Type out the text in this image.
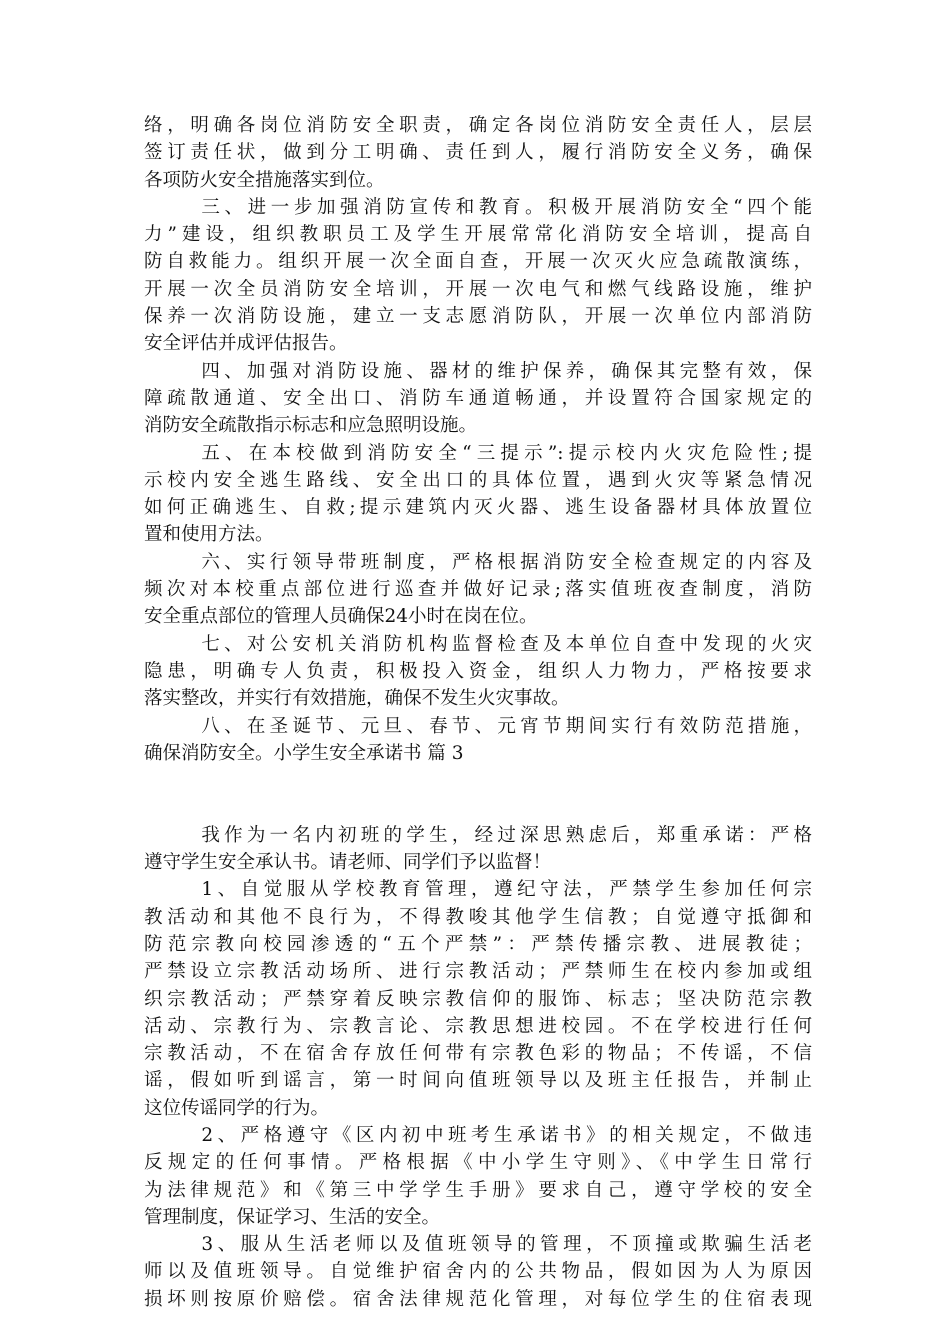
络，明确各岗位消防安全职责，确定各岗位消防安全责任人，层层
签订责任状，做到分工明确、责任到人，履行消防安全义务，确保
各项防火安全措施落实到位。
三、进一步加强消防宣传和教育。积极开展消防安全“四个能
力”建设，组织教职员工及学生开展常常化消防安全培训，提高自
防自救能力。组织开展一次全面自查，开展一次灭火应急疏散演练，
开展一次全员消防安全培训，开展一次电气和燃气线路设施，维护
保养一次消防设施，建立一支志愿消防队，开展一次单位内部消防
安全评估并成评估报告。
四、加强对消防设施、器材的维护保养，确保其完整有效，保
障疏散通道、安全出口、消防车通道畅通，并设置符合国家规定的
消防安全疏散指示标志和应急照明设施。
五、在本校做到消防安全“三提示”:提示校内火灾危险性;提
示校内安全逃生路线、安全出口的具体位置，遇到火灾等紧急情况
如何正确逃生、自救;提示建筑内灭火器、逃生设备器材具体放置位
置和使用方法。
六、实行领导带班制度，严格根据消防安全检查规定的内容及
频次对本校重点部位进行巡查并做好记录;落实值班夜查制度，消防
安全重点部位的管理人员确保24小时在岗在位。
七、对公安机关消防机构监督检查及本单位自查中发现的火灾
隐患，明确专人负责，积极投入资金，组织人力物力，严格按要求
落实整改，并实行有效措施，确保不发生火灾事故。
八、在圣诞节、元旦、春节、元宵节期间实行有效防范措施，
确保消防安全。小学生安全承诺书 篇 3
我作为一名内初班的学生，经过深思熟虑后，郑重承诺：严格
遵守学生安全承认书。请老师、同学们予以监督！
1、自觉服从学校教育管理，遵纪守法，严禁学生参加任何宗
教活动和其他不良行为，不得教唆其他学生信教；自觉遵守抵御和
防范宗教向校园渗透的“五个严禁”：严禁传播宗教、进展教徒；
严禁设立宗教活动场所、进行宗教活动；严禁师生在校内参加或组
织宗教活动；严禁穿着反映宗教信仰的服饰、标志；坚决防范宗教
活动、宗教行为、宗教言论、宗教思想进校园。不在学校进行任何
宗教活动，不在宿舍存放任何带有宗教色彩的物品；不传谣，不信
谣，假如听到谣言，第一时间向值班领导以及班主任报告，并制止
这位传谣同学的行为。
2、严格遵守《区内初中班考生承诺书》的相关规定，不做违
反规定的任何事情。严格根据《中小学生守则》、《中学生日常行
为法律规范》和《第三中学学生手册》要求自己，遵守学校的安全
管理制度，保证学习、生活的安全。
3、服从生活老师以及值班领导的管理，不顶撞或欺骗生活老
师以及值班领导。自觉维护宿舍内的公共物品，假如因为人为原因
损坏则按原价赔偿。宿舍法律规范化管理，对每位学生的住宿表现
